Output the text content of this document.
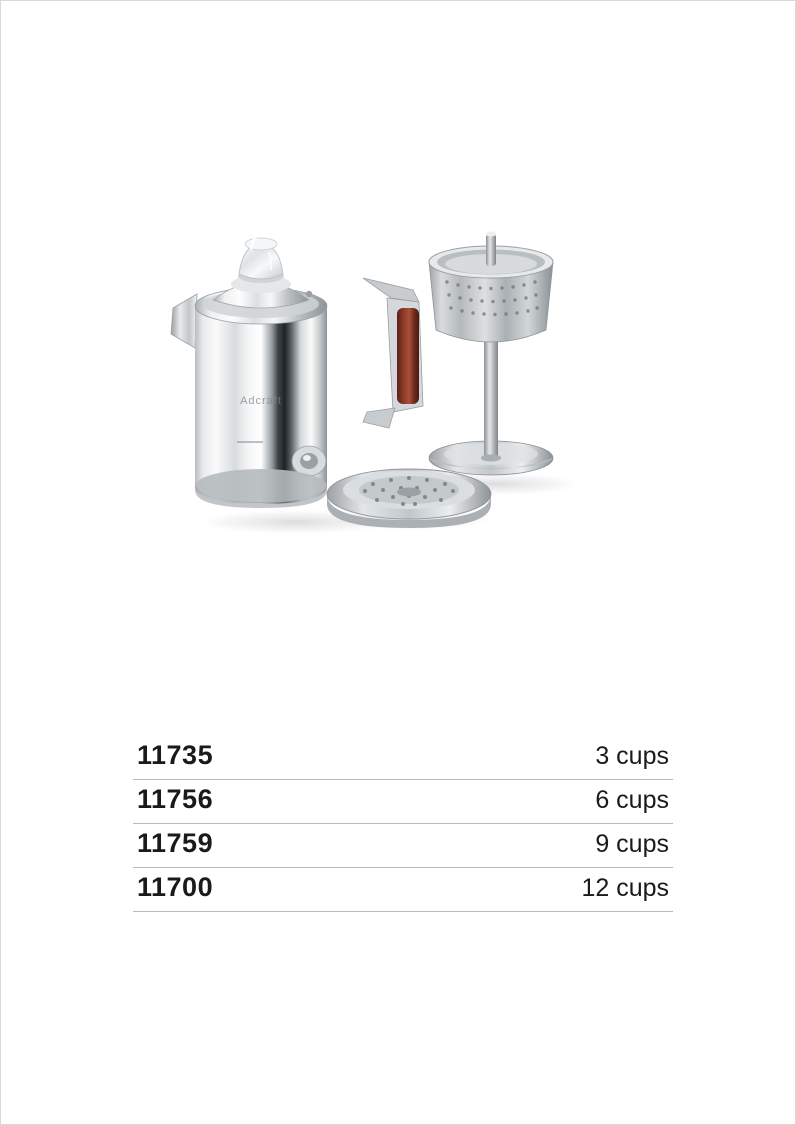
Adcraft
11735	3 cups
11756	6 cups
11759	9 cups
11700	12 cups
